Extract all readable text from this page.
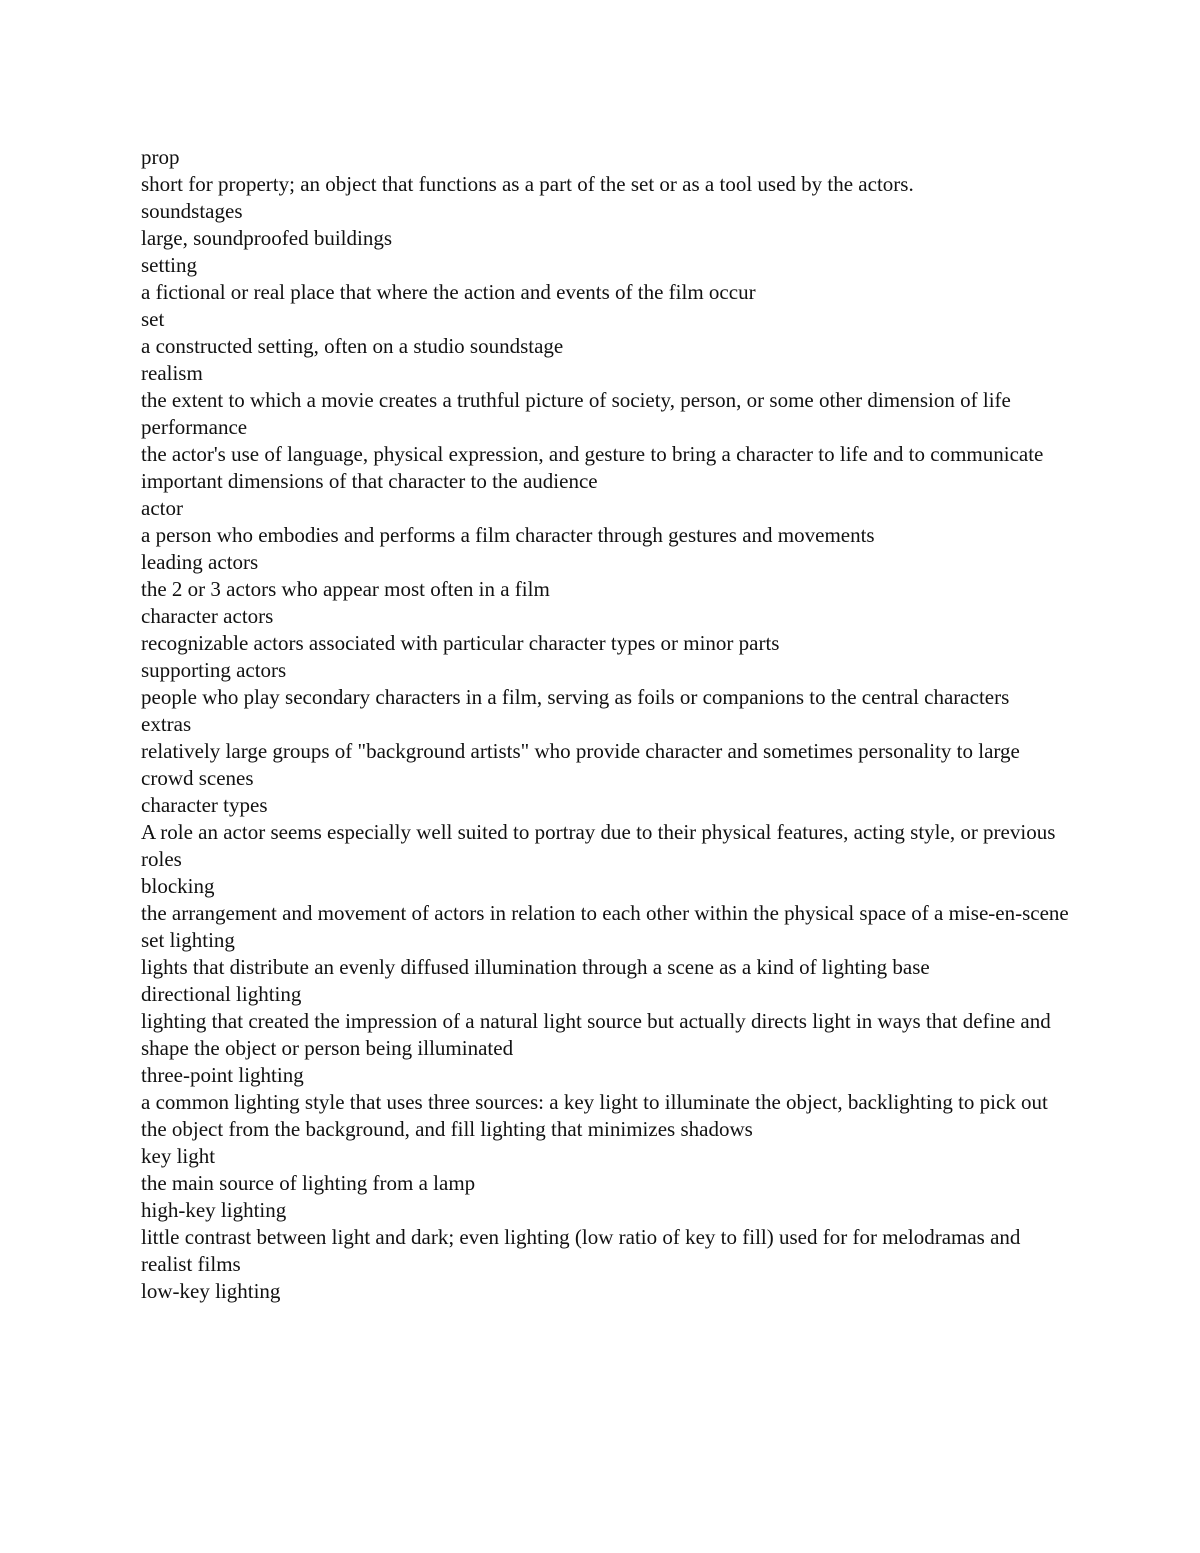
prop

short for property; an object that functions as a part of the set or as a tool used by the actors.

soundstages

large, soundproofed buildings

setting

a fictional or real place that where the action and events of the film occur

set

a constructed setting, often on a studio soundstage

realism

the extent to which a movie creates a truthful picture of society, person, or some other dimension of life

performance

the actor's use of language, physical expression, and gesture to bring a character to life and to communicate important dimensions of that character to the audience

actor

a person who embodies and performs a film character through gestures and movements

leading actors

the 2 or 3 actors who appear most often in a film

character actors

recognizable actors associated with particular character types or minor parts

supporting actors

people who play secondary characters in a film, serving as foils or companions to the central characters

extras

relatively large groups of "background artists" who provide character and sometimes personality to large crowd scenes

character types

A role an actor seems especially well suited to portray due to their physical features, acting style, or previous roles

blocking

the arrangement and movement of actors in relation to each other within the physical space of a mise-en-scene

set lighting

lights that distribute an evenly diffused illumination through a scene as a kind of lighting base

directional lighting

lighting that created the impression of a natural light source but actually directs light in ways that define and shape the object or person being illuminated

three-point lighting

a common lighting style that uses three sources: a key light to illuminate the object, backlighting to pick out the object from the background, and fill lighting that minimizes shadows

key light

the main source of lighting from a lamp

high-key lighting

little contrast between light and dark; even lighting (low ratio of key to fill) used for for melodramas and realist films

low-key lighting
